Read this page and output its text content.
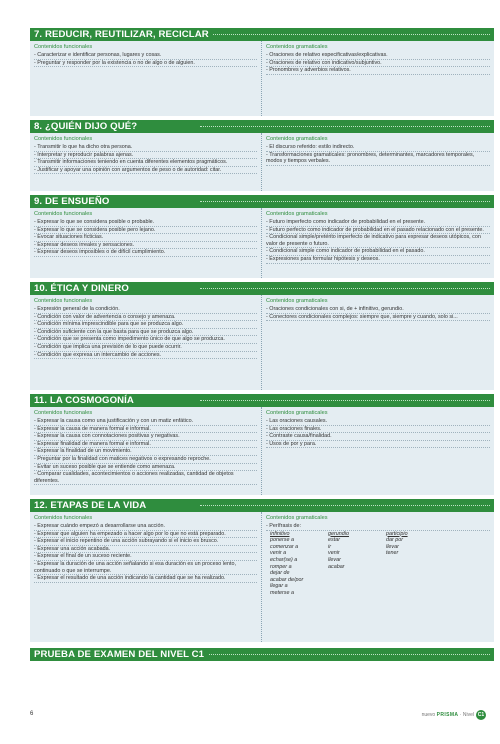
7. REDUCIR, REUTILIZAR, RECICLAR
Contenidos funcionales
- Caracterizar e identificar personas, lugares y cosas.
- Preguntar y responder por la existencia o no de algo o de alguien.
Contenidos gramaticales
- Oraciones de relativo especificativas/explicativas.
- Oraciones de relativo con indicativo/subjuntivo.
- Pronombres y adverbios relativos.
8. ¿QUIÉN DIJO QUÉ?
Contenidos funcionales
- Transmitir lo que ha dicho otra persona.
- Interpretar y reproducir palabras ajenas.
- Transmitir informaciones teniendo en cuenta diferentes elementos pragmáticos.
- Justificar y apoyar una opinión con argumentos de peso o de autoridad: citar.
Contenidos gramaticales
- El discurso referido: estilo indirecto.
- Transformaciones gramaticales: pronombres, determinantes, marcadores temporales, modos y tiempos verbales.
9. DE ENSUEÑO
Contenidos funcionales
- Expresar lo que se considera posible o probable.
- Expresar lo que se considera posible pero lejano.
- Evocar situaciones ficticias.
- Expresar deseos irreales y sensaciones.
- Expresar deseos imposibles o de difícil cumplimiento.
Contenidos gramaticales
- Futuro imperfecto como indicador de probabilidad en el presente.
- Futuro perfecto como indicador de probabilidad en el pasado relacionado con el presente.
- Condicional simple/pretérito imperfecto de indicativo para expresar deseos utópicos, con valor de presente o futuro.
- Condicional simple como indicador de probabilidad en el pasado.
- Expresiones para formular hipótesis y deseos.
10. ÉTICA Y DINERO
Contenidos funcionales
- Expresión general de la condición.
- Condición con valor de advertencia o consejo y amenaza.
- Condición mínima imprescindible para que se produzca algo.
- Condición suficiente con la que basta para que se produzca algo.
- Condición que se presenta como impedimento único de que algo se produzca.
- Condición que implica una previsión de lo que puede ocurrir.
- Condición que expresa un intercambio de acciones.
Contenidos gramaticales
- Oraciones condicionales con si, de + infinitivo, gerundio.
- Conectores condicionales complejos: siempre que, siempre y cuando, solo si...
11. LA COSMOGONÍA
Contenidos funcionales
- Expresar la causa como una justificación y con un matiz enfático.
- Expresar la causa de manera formal e informal.
- Expresar la causa con connotaciones positivas y negativas.
- Expresar finalidad de manera formal e informal.
- Expresar la finalidad de un movimiento.
- Preguntar por la finalidad con matices negativos o expresando reproche.
- Evitar un suceso posible que se entiende como amenaza.
- Comparar cualidades, acontecimientos o acciones realizadas, cantidad de objetos diferentes.
Contenidos gramaticales
- Las oraciones causales.
- Las oraciones finales.
- Contraste causa/finalidad.
- Usos de por y para.
12. ETAPAS DE LA VIDA
Contenidos funcionales
- Expresar cuándo empezó a desarrollarse una acción.
- Expresar que alguien ha empezado a hacer algo por lo que no está preparado.
- Expresar el inicio repentino de una acción subrayando si el inicio es brusco.
- Expresar una acción acabada.
- Expresar el final de un suceso reciente.
- Expresar la duración de una acción señalando si esa duración es un proceso lento, continuado o que se interrumpe.
- Expresar el resultado de una acción indicando la cantidad que se ha realizado.
Contenidos gramaticales
- Perífrasis de:
infinitivo	gerundio	participio
ponerse a	estar	dar por
comenzar a	ir	llevar
venir a	venir	tener
echar(se) a	llevar
romper a	acabar
dejar de
acabar de/por
llegar a
meterse a
PRUEBA DE EXAMEN DEL NIVEL C1
6	nuevo PRISMA · Nivel C1
